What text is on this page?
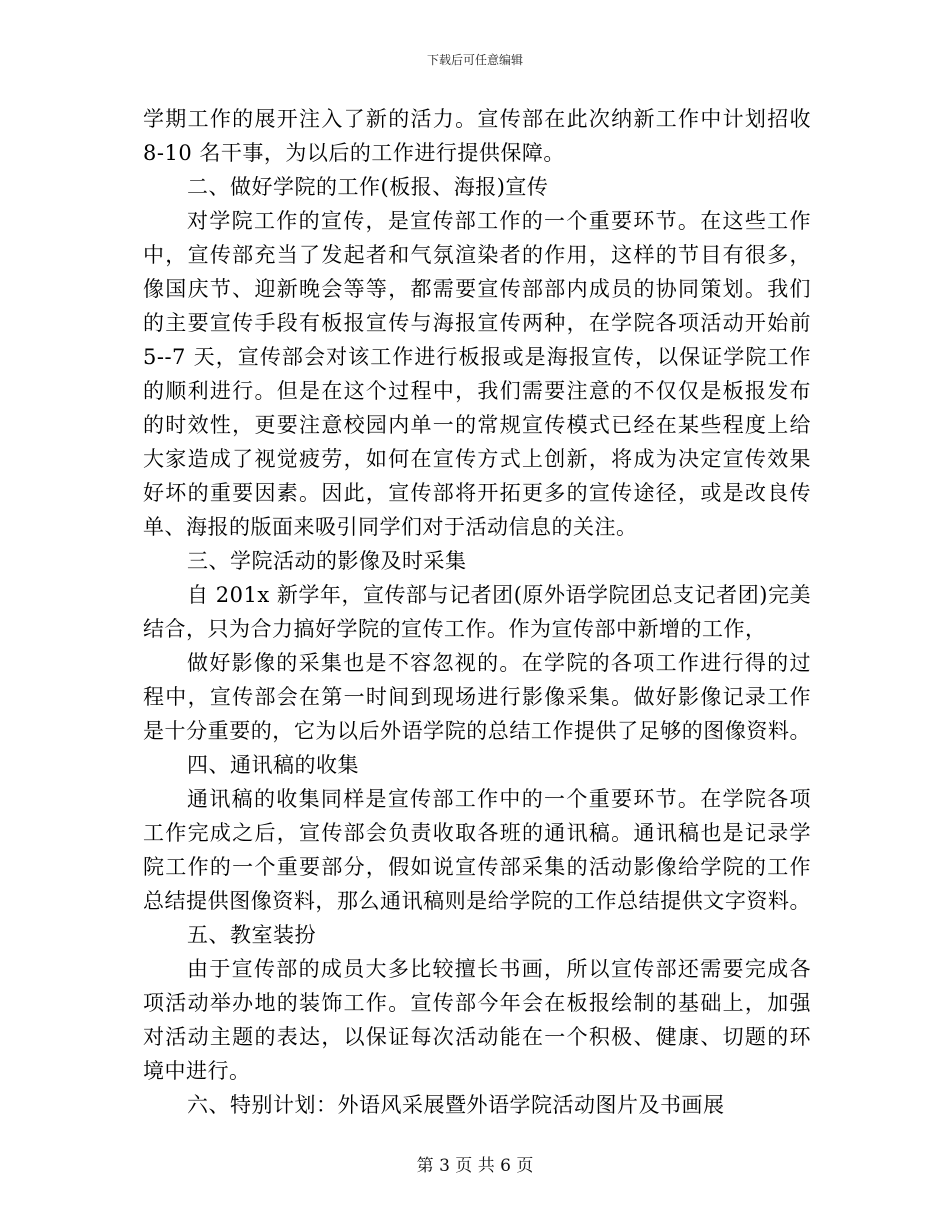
下载后可任意编辑
学期工作的展开注入了新的活力。宣传部在此次纳新工作中计划招收
8-10 名干事，为以后的工作进行提供保障。
二、做好学院的工作(板报、海报)宣传
对学院工作的宣传，是宣传部工作的一个重要环节。在这些工作
中，宣传部充当了发起者和气氛渲染者的作用，这样的节目有很多，
像国庆节、迎新晚会等等，都需要宣传部部内成员的协同策划。我们
的主要宣传手段有板报宣传与海报宣传两种，在学院各项活动开始前
5--7 天，宣传部会对该工作进行板报或是海报宣传，以保证学院工作
的顺利进行。但是在这个过程中，我们需要注意的不仅仅是板报发布
的时效性，更要注意校园内单一的常规宣传模式已经在某些程度上给
大家造成了视觉疲劳，如何在宣传方式上创新，将成为决定宣传效果
好坏的重要因素。因此，宣传部将开拓更多的宣传途径，或是改良传
单、海报的版面来吸引同学们对于活动信息的关注。
三、学院活动的影像及时采集
自 201x 新学年，宣传部与记者团(原外语学院团总支记者团)完美
结合，只为合力搞好学院的宣传工作。作为宣传部中新增的工作，
做好影像的采集也是不容忽视的。在学院的各项工作进行得的过
程中，宣传部会在第一时间到现场进行影像采集。做好影像记录工作
是十分重要的，它为以后外语学院的总结工作提供了足够的图像资料。
四、通讯稿的收集
通讯稿的收集同样是宣传部工作中的一个重要环节。在学院各项
工作完成之后，宣传部会负责收取各班的通讯稿。通讯稿也是记录学
院工作的一个重要部分，假如说宣传部采集的活动影像给学院的工作
总结提供图像资料，那么通讯稿则是给学院的工作总结提供文字资料。
五、教室装扮
由于宣传部的成员大多比较擅长书画，所以宣传部还需要完成各
项活动举办地的装饰工作。宣传部今年会在板报绘制的基础上，加强
对活动主题的表达，以保证每次活动能在一个积极、健康、切题的环
境中进行。
六、特别计划：外语风采展暨外语学院活动图片及书画展
第 3 页 共 6 页
